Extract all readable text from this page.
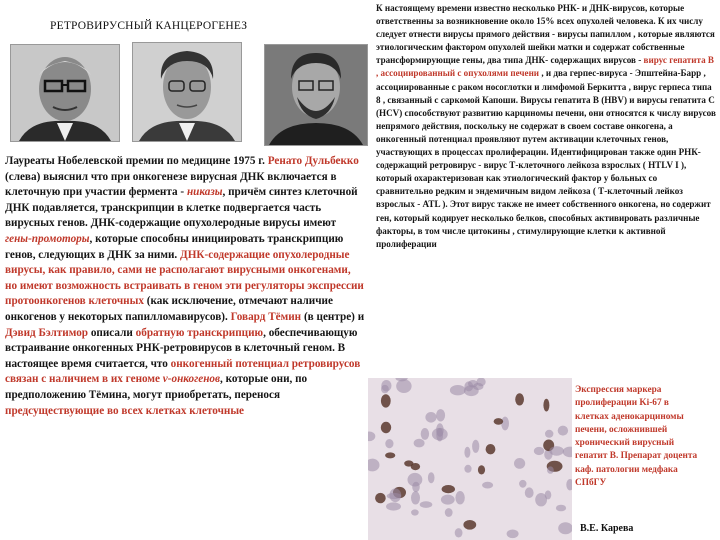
РЕТРОВИРУСНЫЙ КАНЦЕРОГЕНЕЗ
Лауреаты Нобелевской премии по медицине 1975 г. Ренато Дульбекко (слева) выяснил что при онкогенезе вирусная ДНК включается в клеточную при участии фермента - никазы, причём синтез клеточной ДНК подавляется, транскрипции в клетке подвергается часть вирусных генов. ДНК-содержащие опухолеродные вирусы имеют гены-промоторы, которые способны инициировать транскрипцию генов, следующих в ДНК за ними. ДНК-содержащие опухолеродные вирусы, как правило, сами не располагают вирусными онкогенами, но имеют возможность встраивать в геном эти регуляторы экспрессии протоонкогенов клеточных (как исключение, отмечают наличие онкогенов у некоторых папилломавирусов). Говард Тёмин (в центре) и Дэвид Бэлтимор описали обратную транскрипцию, обеспечивающую встраивание онкогенных РНК-ретровирусов в клеточный геном. В настоящее время считается, что онкогенный потенциал ретровирусов связан с наличием в их геноме v-онкогенов, которые они, по предположению Тёмина, могут приобретать, перенося предсуществующие во всех клетках клеточные
К настоящему времени известно несколько РНК- и ДНК-вирусов, которые ответственны за возникновение около 15% всех опухолей человека. К их числу следует отнести вирусы прямого действия - вирусы папиллом , которые являются этиологическим фактором опухолей шейки матки и содержат собственные трансформирующие гены, два типа ДНК- содержащих вирусов - вирус гепатита В , ассоциированный с опухолями печени , и два герпес-вируса - Эпштейна-Барр , ассоциированные с раком носоглотки и лимфомой Беркитта , вирус герпеса типа 8 , связанный с саркомой Капоши. Вирусы гепатита В (HBV) и вирусы гепатита С (HCV) способствуют развитию карциномы печени, они относятся к числу вирусов непрямого действия, поскольку не содержат в своем составе онкогена, а онкогенный потенциал проявляют путем активации клеточных генов, участвующих в процессах пролиферации. Идентифицирован также один РНК-содержащий ретровирус - вирус Т-клеточного лейкоза взрослых ( HTLV I ), который охарактеризован как этиологический фактор у больных со сравнительно редким и эндемичным видом лейкоза ( Т-клеточный лейкоз взрослых - ATL ). Этот вирус также не имеет собственного онкогена, но содержит ген, который кодирует несколько белков, способных активировать различные факторы, в том числе цитокины , стимулирующие клетки к активной пролиферации
Экспрессия маркера пролиферации Ki-67 в клетках аденокарциномы печени, осложнившей хронический вирусный гепатит В. Препарат доцента каф. патологии медфака СПбГУ
В.Е. Карева
